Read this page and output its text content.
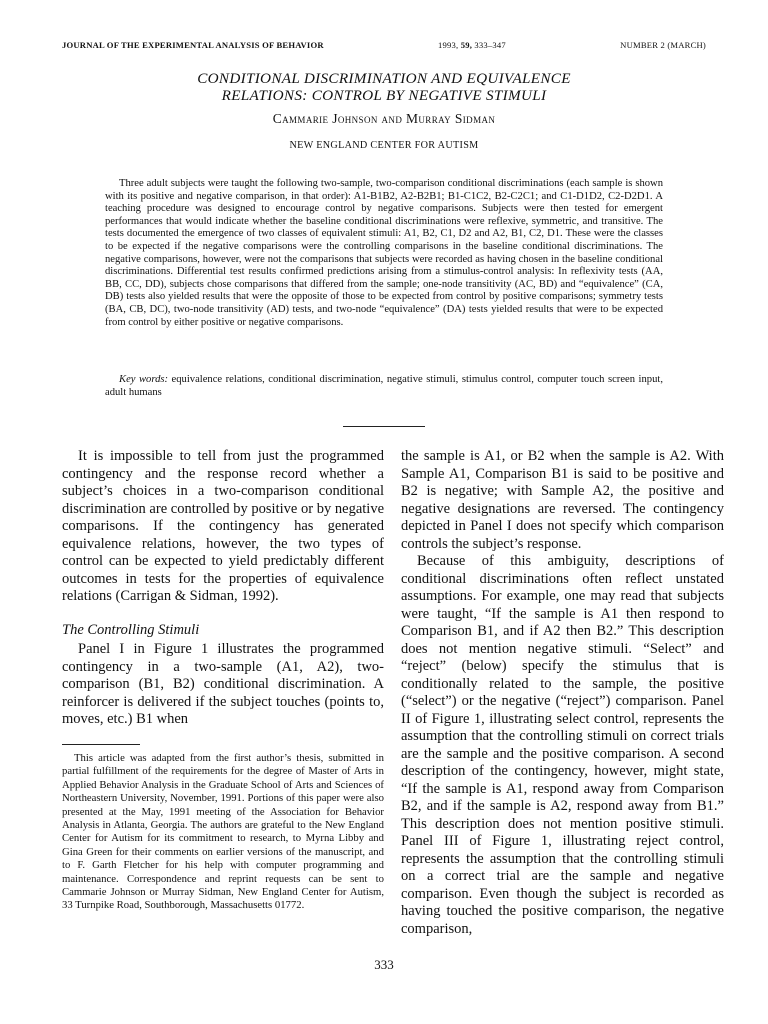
JOURNAL OF THE EXPERIMENTAL ANALYSIS OF BEHAVIOR	1993, 59, 333–347	NUMBER 2 (MARCH)
CONDITIONAL DISCRIMINATION AND EQUIVALENCE
RELATIONS: CONTROL BY NEGATIVE STIMULI
Cammarie Johnson and Murray Sidman
NEW ENGLAND CENTER FOR AUTISM

Three adult subjects were taught the following two-sample, two-comparison conditional discriminations (each sample is shown with its positive and negative comparison, in that order): A1-B1B2, A2-B2B1; B1-C1C2, B2-C2C1; and C1-D1D2, C2-D2D1. A teaching procedure was designed to encourage control by negative comparisons. Subjects were then tested for emergent performances that would indicate whether the baseline conditional discriminations were reflexive, symmetric, and transitive. The tests documented the emergence of two classes of equivalent stimuli: A1, B2, C1, D2 and A2, B1, C2, D1. These were the classes to be expected if the negative comparisons were the controlling comparisons in the baseline conditional discriminations. The negative comparisons, however, were not the comparisons that subjects were recorded as having chosen in the baseline conditional discriminations. Differential test results confirmed predictions arising from a stimulus-control analysis: In reflexivity tests (AA, BB, CC, DD), subjects chose comparisons that differed from the sample; one-node transitivity (AC, BD) and “equivalence” (CA, DB) tests also yielded results that were the opposite of those to be expected from control by positive comparisons; symmetry tests (BA, CB, DC), two-node transitivity (AD) tests, and two-node “equivalence” (DA) tests yielded results that were to be expected from control by either positive or negative comparisons.

Key words: equivalence relations, conditional discrimination, negative stimuli, stimulus control, computer touch screen input, adult humans

It is impossible to tell from just the programmed contingency and the response record whether a subject’s choices in a two-comparison conditional discrimination are controlled by positive or by negative comparisons. If the contingency has generated equivalence relations, however, the two types of control can be expected to yield predictably different outcomes in tests for the properties of equivalence relations (Carrigan & Sidman, 1992).

The Controlling Stimuli

Panel I in Figure 1 illustrates the programmed contingency in a two-sample (A1, A2), two-comparison (B1, B2) conditional discrimination. A reinforcer is delivered if the subject touches (points to, moves, etc.) B1 when

This article was adapted from the first author’s thesis, submitted in partial fulfillment of the requirements for the degree of Master of Arts in Applied Behavior Analysis in the Graduate School of Arts and Sciences of Northeastern University, November, 1991. Portions of this paper were also presented at the May, 1991 meeting of the Association for Behavior Analysis in Atlanta, Georgia. The authors are grateful to the New England Center for Autism for its commitment to research, to Myrna Libby and Gina Green for their comments on earlier versions of the manuscript, and to F. Garth Fletcher for his help with computer programming and maintenance. Correspondence and reprint requests can be sent to Cammarie Johnson or Murray Sidman, New England Center for Autism, 33 Turnpike Road, Southborough, Massachusetts 01772.

the sample is A1, or B2 when the sample is A2. With Sample A1, Comparison B1 is said to be positive and B2 is negative; with Sample A2, the positive and negative designations are reversed. The contingency depicted in Panel I does not specify which comparison controls the subject’s response.

Because of this ambiguity, descriptions of conditional discriminations often reflect unstated assumptions. For example, one may read that subjects were taught, “If the sample is A1 then respond to Comparison B1, and if A2 then B2.” This description does not mention negative stimuli. “Select” and “reject” (below) specify the stimulus that is conditionally related to the sample, the positive (“select”) or the negative (“reject”) comparison. Panel II of Figure 1, illustrating select control, represents the assumption that the controlling stimuli on correct trials are the sample and the positive comparison. A second description of the contingency, however, might state, “If the sample is A1, respond away from Comparison B2, and if the sample is A2, respond away from B1.” This description does not mention positive stimuli. Panel III of Figure 1, illustrating reject control, represents the assumption that the controlling stimuli on a correct trial are the sample and negative comparison. Even though the subject is recorded as having touched the positive comparison, the negative comparison,

333
